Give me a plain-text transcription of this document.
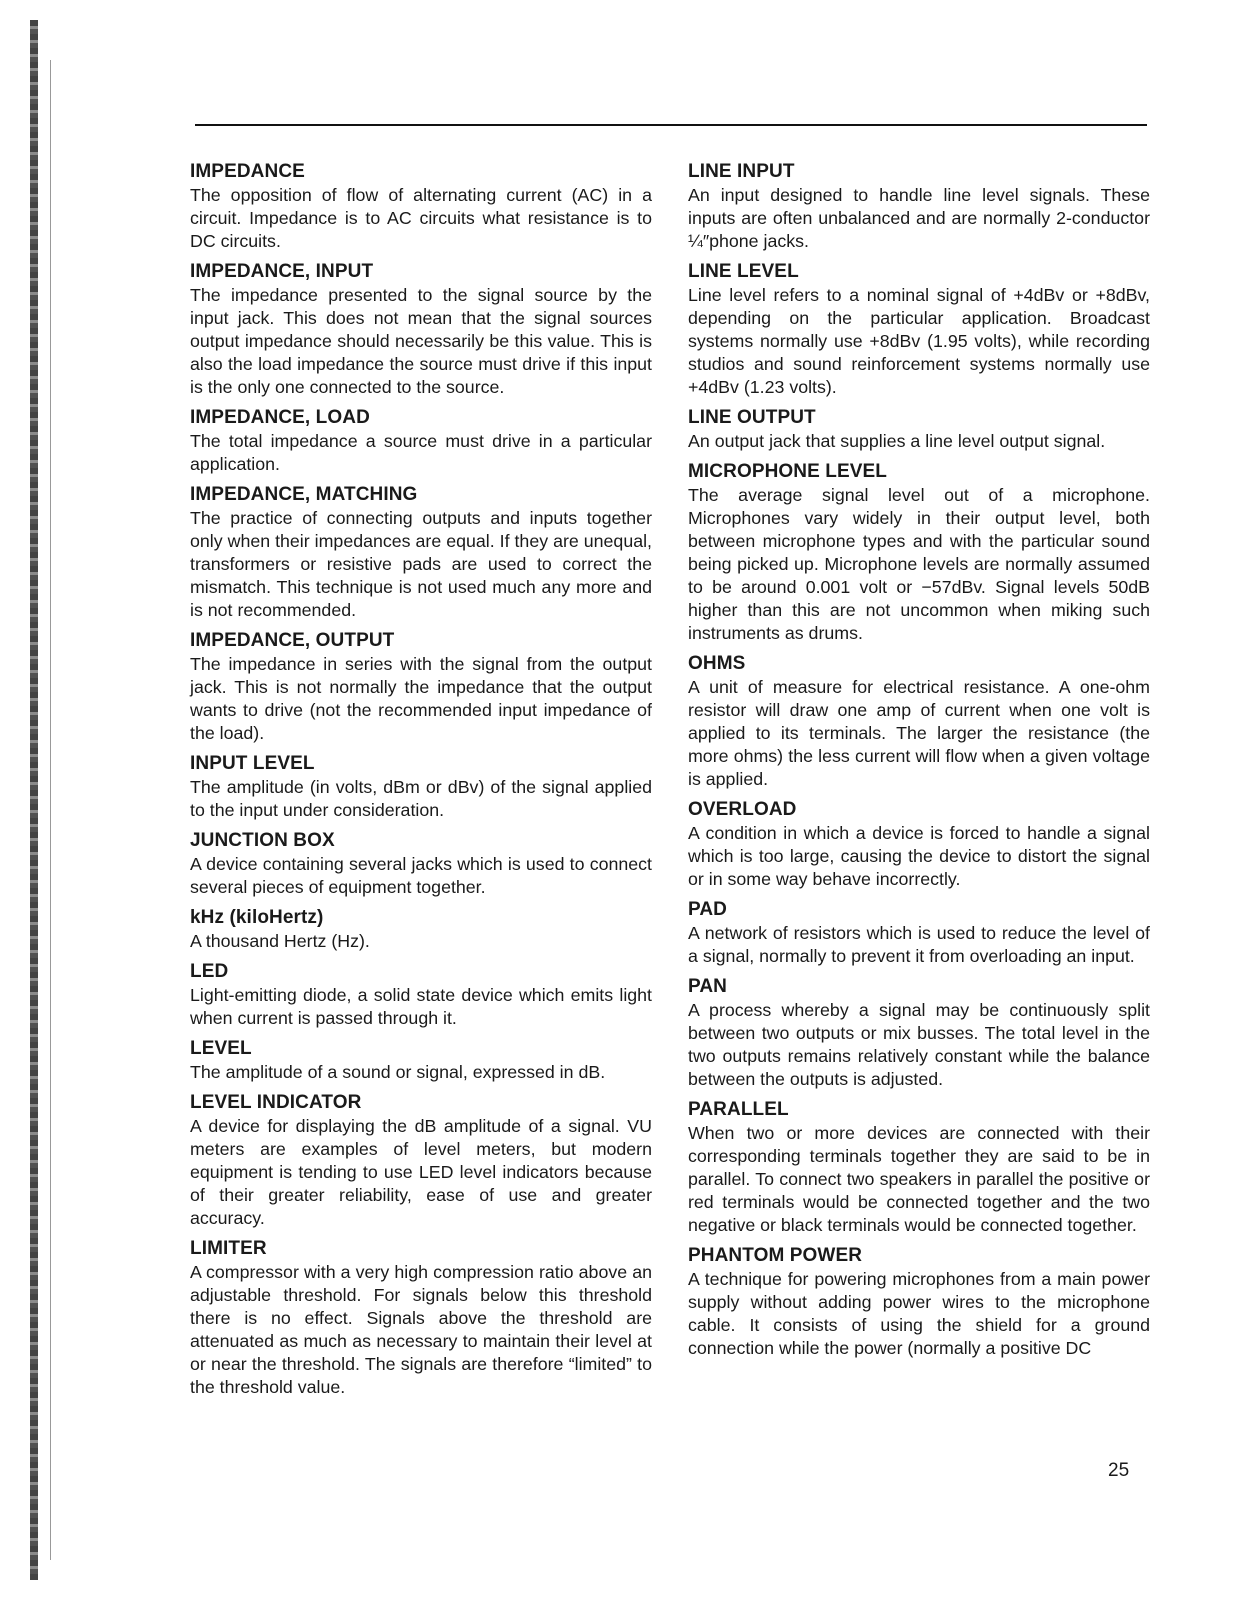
IMPEDANCE
The opposition of flow of alternating current (AC) in a circuit. Impedance is to AC circuits what resistance is to DC circuits.
IMPEDANCE, INPUT
The impedance presented to the signal source by the input jack. This does not mean that the signal sources output impedance should necessarily be this value. This is also the load impedance the source must drive if this input is the only one connected to the source.
IMPEDANCE, LOAD
The total impedance a source must drive in a particular application.
IMPEDANCE, MATCHING
The practice of connecting outputs and inputs together only when their impedances are equal. If they are unequal, transformers or resistive pads are used to correct the mismatch. This technique is not used much any more and is not recommended.
IMPEDANCE, OUTPUT
The impedance in series with the signal from the output jack. This is not normally the impedance that the output wants to drive (not the recommended input impedance of the load).
INPUT LEVEL
The amplitude (in volts, dBm or dBv) of the signal applied to the input under consideration.
JUNCTION BOX
A device containing several jacks which is used to connect several pieces of equipment together.
kHz (kiloHertz)
A thousand Hertz (Hz).
LED
Light-emitting diode, a solid state device which emits light when current is passed through it.
LEVEL
The amplitude of a sound or signal, expressed in dB.
LEVEL INDICATOR
A device for displaying the dB amplitude of a signal. VU meters are examples of level meters, but modern equipment is tending to use LED level indicators because of their greater reliability, ease of use and greater accuracy.
LIMITER
A compressor with a very high compression ratio above an adjustable threshold. For signals below this threshold there is no effect. Signals above the threshold are attenuated as much as necessary to maintain their level at or near the threshold. The signals are therefore “limited” to the threshold value.
LINE INPUT
An input designed to handle line level signals. These inputs are often unbalanced and are normally 2-conductor ¼″phone jacks.
LINE LEVEL
Line level refers to a nominal signal of +4dBv or +8dBv, depending on the particular application. Broadcast systems normally use +8dBv (1.95 volts), while recording studios and sound reinforcement systems normally use +4dBv (1.23 volts).
LINE OUTPUT
An output jack that supplies a line level output signal.
MICROPHONE LEVEL
The average signal level out of a microphone. Microphones vary widely in their output level, both between microphone types and with the particular sound being picked up. Microphone levels are normally assumed to be around 0.001 volt or −57dBv. Signal levels 50dB higher than this are not uncommon when miking such instruments as drums.
OHMS
A unit of measure for electrical resistance. A one-ohm resistor will draw one amp of current when one volt is applied to its terminals. The larger the resistance (the more ohms) the less current will flow when a given voltage is applied.
OVERLOAD
A condition in which a device is forced to handle a signal which is too large, causing the device to distort the signal or in some way behave incorrectly.
PAD
A network of resistors which is used to reduce the level of a signal, normally to prevent it from overloading an input.
PAN
A process whereby a signal may be continuously split between two outputs or mix busses. The total level in the two outputs remains relatively constant while the balance between the outputs is adjusted.
PARALLEL
When two or more devices are connected with their corresponding terminals together they are said to be in parallel. To connect two speakers in parallel the positive or red terminals would be connected together and the two negative or black terminals would be connected together.
PHANTOM POWER
A technique for powering microphones from a main power supply without adding power wires to the microphone cable. It consists of using the shield for a ground connection while the power (normally a positive DC
25
